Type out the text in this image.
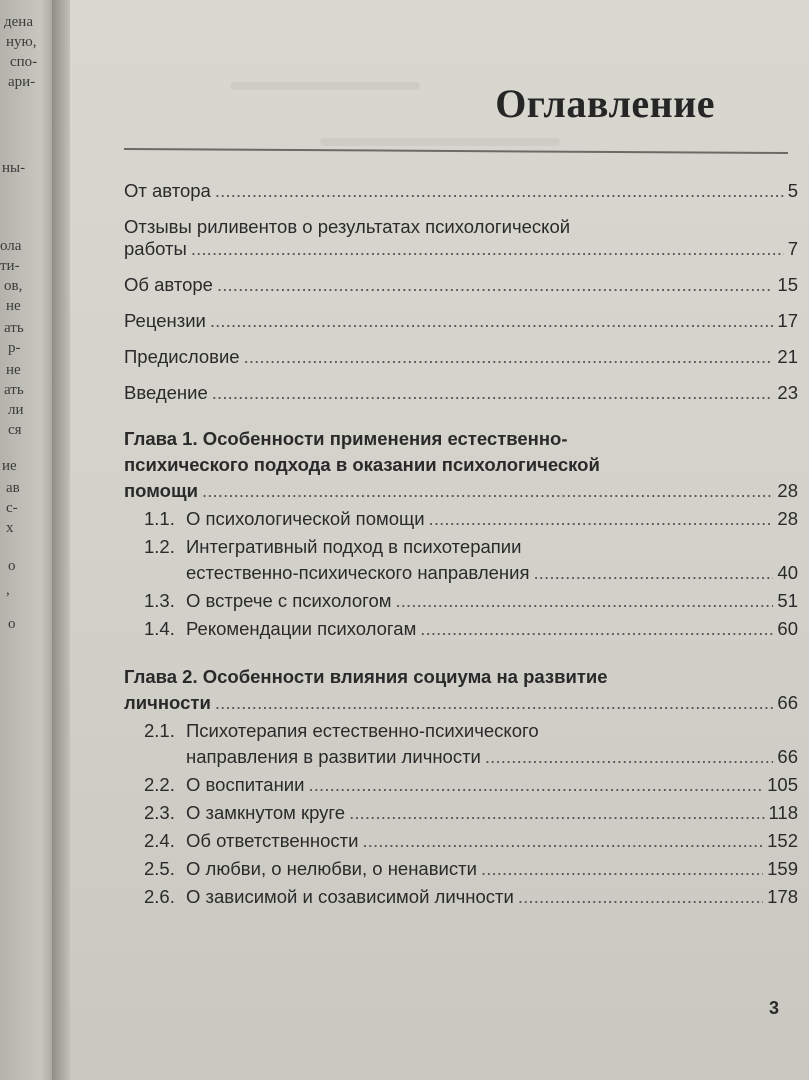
дена
ную,
спо-
ари-
ны-
ола
ти-
ов,
не
ать
р-
не
ать
ли
ся
ие
ав
с-
х
о
,
о
Оглавление
От автора . . .	5
Отзывы риливентов о результатах психологической
работы . . .	7
Об авторе . . .	15
Рецензии . . .	17
Предисловие . . .	21
Введение . . .	23
Глава 1. Особенности применения естественно-
психического подхода в оказании психологической
помощи . . .	28
1.1. О психологической помощи . . .	28
1.2. Интегративный подход в психотерапии
естественно-психического направления . . .	40
1.3. О встрече с психологом . . .	51
1.4. Рекомендации психологам . . .	60
Глава 2. Особенности влияния социума на развитие
личности . . .	66
2.1. Психотерапия естественно-психического
направления в развитии личности . . .	66
2.2. О воспитании . . .	105
2.3. О замкнутом круге . . .	118
2.4. Об ответственности . . .	152
2.5. О любви, о нелюбви, о ненависти . . .	159
2.6. О зависимой и созависимой личности . . .	178
3
